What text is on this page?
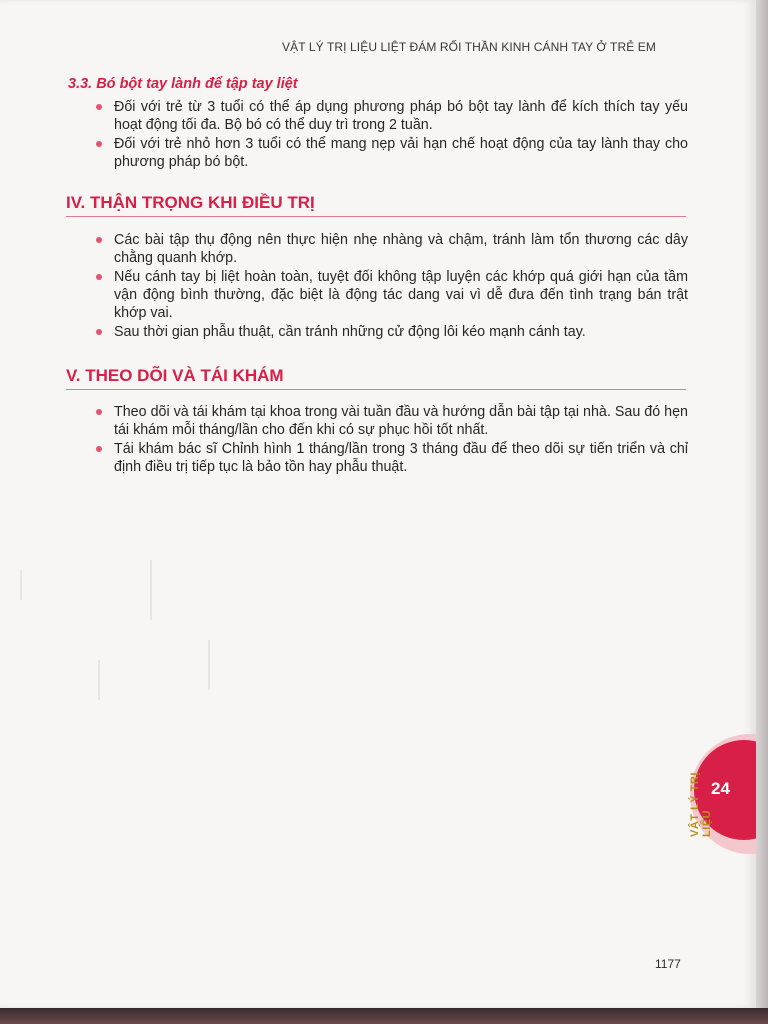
VẬT LÝ TRỊ LIỆU LIỆT ĐÁM RỐI THẦN KINH CÁNH TAY Ở TRẺ EM
3.3. Bó bột tay lành để tập tay liệt
Đối với trẻ từ 3 tuổi có thể áp dụng phương pháp bó bột tay lành để kích thích tay yếu hoạt động tối đa. Bộ bó có thể duy trì trong 2 tuần.
Đối với trẻ nhỏ hơn 3 tuổi có thể mang nẹp vải hạn chế hoạt động của tay lành thay cho phương pháp bó bột.
IV. THẬN TRỌNG KHI ĐIỀU TRỊ
Các bài tập thụ động nên thực hiện nhẹ nhàng và chậm, tránh làm tổn thương các dây chằng quanh khớp.
Nếu cánh tay bị liệt hoàn toàn, tuyệt đối không tập luyện các khớp quá giới hạn của tầm vận động bình thường, đặc biệt là động tác dang vai vì dễ đưa đến tình trạng bán trật khớp vai.
Sau thời gian phẫu thuật, cần tránh những cử động lôi kéo mạnh cánh tay.
V. THEO DÕI VÀ TÁI KHÁM
Theo dõi và tái khám tại khoa trong vài tuần đầu và hướng dẫn bài tập tại nhà. Sau đó hẹn tái khám mỗi tháng/lần cho đến khi có sự phục hồi tốt nhất.
Tái khám bác sĩ Chỉnh hình 1 tháng/lần trong 3 tháng đầu để theo dõi sự tiến triển và chỉ định điều trị tiếp tục là bảo tồn hay phẫu thuật.
1177
VẬT LÝ TRỊ LIỆU
24
